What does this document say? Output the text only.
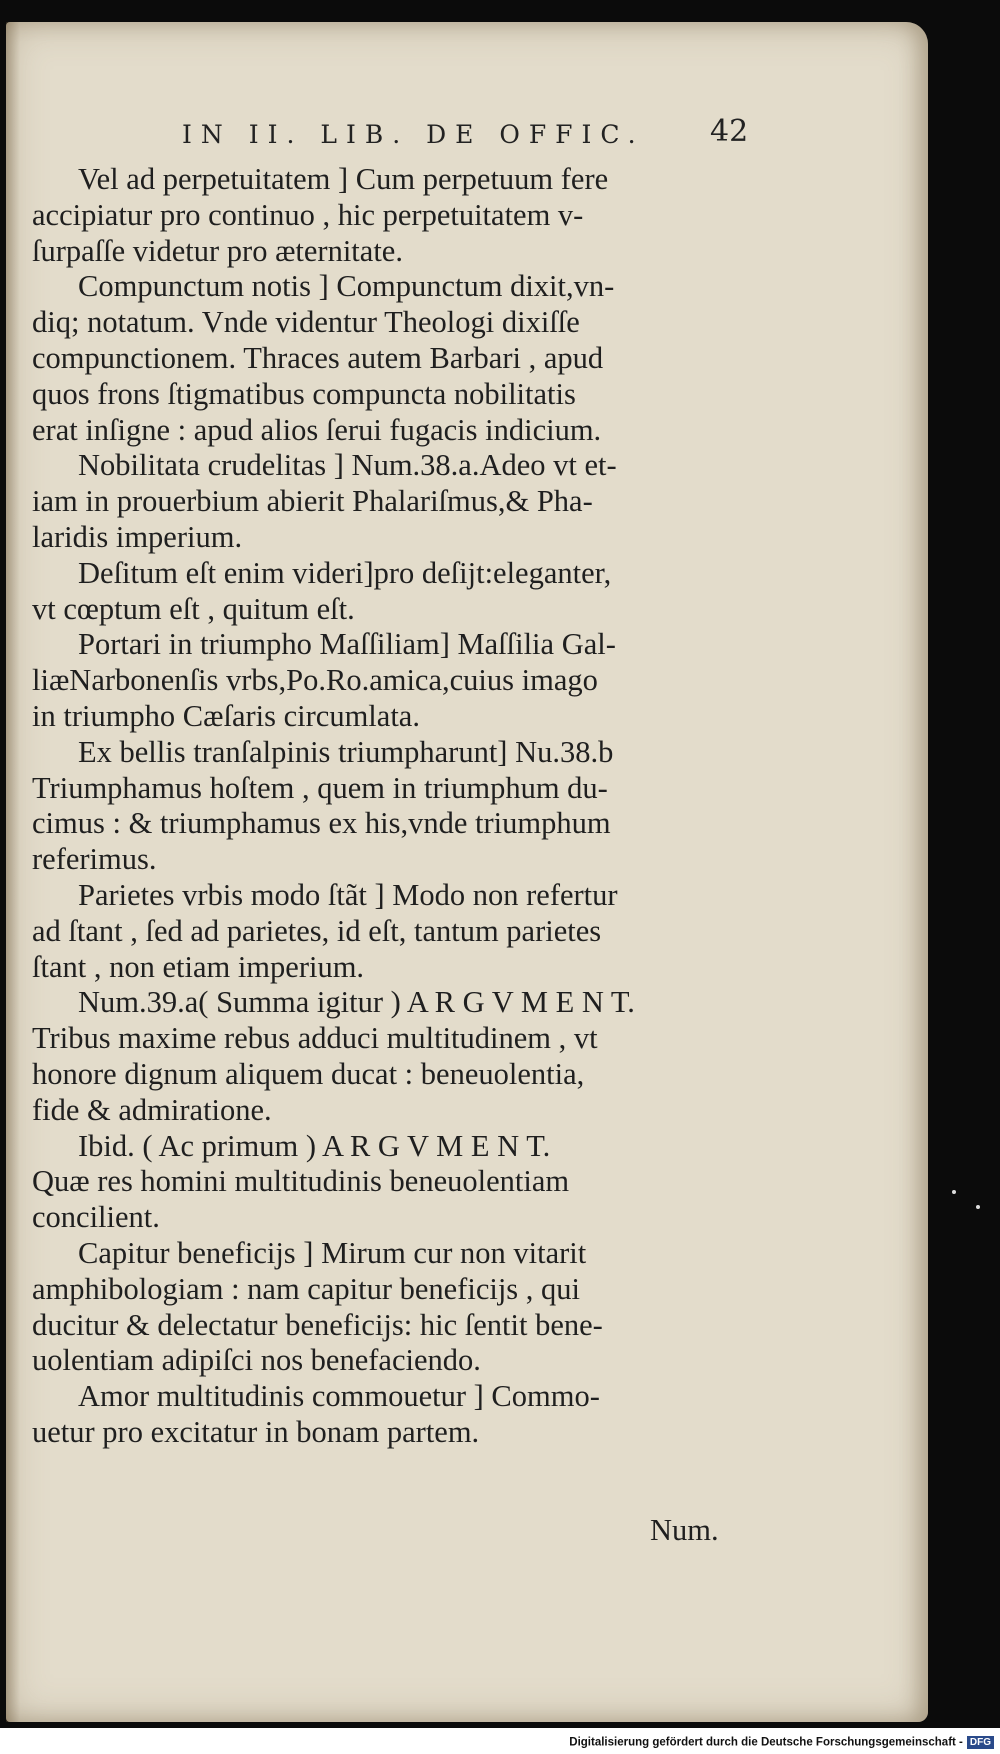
IN II. LIB. DE OFFIC. 42
Vel ad perpetuitatem ] Cum perpetuum fere
accipiatur pro continuo , hic perpetuitatem v-
ſurpaſſe videtur pro æternitate.
Compunctum notis ] Compunctum dixit,vn-
diq; notatum. Vnde videntur Theologi dixiſſe
compunctionem. Thraces autem Barbari , apud
quos frons ſtigmatibus compuncta nobilitatis
erat inſigne : apud alios ſerui fugacis indicium.
Nobilitata crudelitas ] Num.38.a.Adeo vt et-
iam in prouerbium abierit Phalariſmus,& Pha-
laridis imperium.
Deſitum eſt enim videri]pro deſijt:eleganter,
vt cœptum eſt , quitum eſt.
Portari in triumpho Maſſiliam] Maſſilia Gal-
liæNarbonenſis vrbs,Po.Ro.amica,cuius imago
in triumpho Cæſaris circumlata.
Ex bellis tranſalpinis triumpharunt] Nu.38.b
Triumphamus hoſtem , quem in triumphum du-
cimus : & triumphamus ex his,vnde triumphum
referimus.
Parietes vrbis modo ſtãt ] Modo non refertur
ad ſtant , ſed ad parietes, id eſt, tantum parietes
ſtant , non etiam imperium.
Num.39.a( Summa igitur ) A R G V M E N T.
Tribus maxime rebus adduci multitudinem , vt
honore dignum aliquem ducat : beneuolentia,
fide & admiratione.
Ibid. ( Ac primum ) A R G V M E N T.
Quæ res homini multitudinis beneuolentiam
concilient.
Capitur beneficijs ] Mirum cur non vitarit
amphibologiam : nam capitur beneficijs , qui
ducitur & delectatur beneficijs: hic ſentit bene-
uolentiam adipiſci nos benefaciendo.
Amor multitudinis commouetur ] Commo-
uetur pro excitatur in bonam partem.
Num.
Digitalisierung gefördert durch die Deutsche Forschungsgemeinschaft - DFG
